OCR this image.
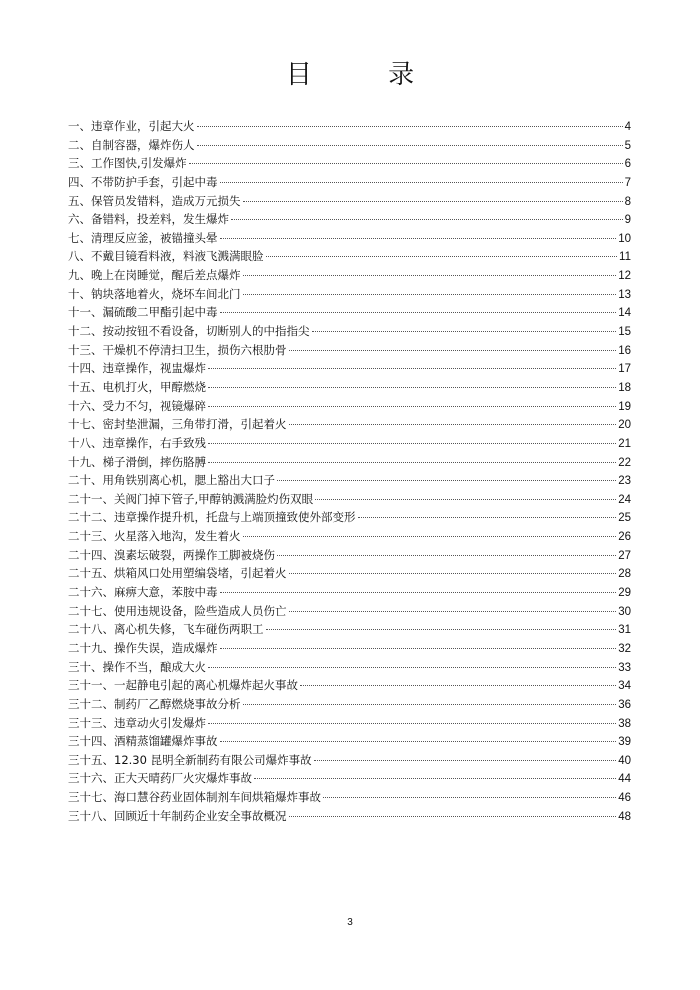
目 录
一、违章作业，引起大火	4
二、自制容器，爆炸伤人	5
三、工作图快,引发爆炸	6
四、不带防护手套，引起中毒	7
五、保管员发错料，造成万元损失	8
六、备错料，投差料，发生爆炸	9
七、清理反应釜，被锚撞头晕	10
八、不戴目镜看料液，料液飞溅满眼脸	11
九、晚上在岗睡觉，醒后差点爆炸	12
十、钠块落地着火，烧坏车间北门	13
十一、漏硫酸二甲酯引起中毒	14
十二、按动按钮不看设备，切断别人的中指指尖	15
十三、干燥机不停清扫卫生，损伤六根肋骨	16
十四、违章操作，视盅爆炸	17
十五、电机打火，甲醇燃烧	18
十六、受力不匀，视镜爆碎	19
十七、密封垫泄漏，三角带打滑，引起着火	20
十八、违章操作，右手致残	21
十九、梯子滑倒，摔伤胳膊	22
二十、用角铁别离心机，腮上豁出大口子	23
二十一、关阀门掉下管子,甲醇钠溅满脸灼伤双眼	24
二十二、违章操作提升机，托盘与上端顶撞致使外部变形	25
二十三、火星落入地沟，发生着火	26
二十四、溴素坛破裂，两操作工脚被烧伤	27
二十五、烘箱风口处用塑编袋堵，引起着火	28
二十六、麻痹大意，苯胺中毒	29
二十七、使用违规设备，险些造成人员伤亡	30
二十八、离心机失修，飞车碰伤两职工	31
二十九、操作失误，造成爆炸	32
三十、操作不当，酿成大火	33
三十一、一起静电引起的离心机爆炸起火事故	34
三十二、制药厂乙醇燃烧事故分析	36
三十三、违章动火引发爆炸	38
三十四、酒精蒸馏罐爆炸事故	39
三十五、12.30 昆明全新制药有限公司爆炸事故	40
三十六、正大天晴药厂火灾爆炸事故	44
三十七、海口慧谷药业固体制剂车间烘箱爆炸事故	46
三十八、回顾近十年制药企业安全事故概况	48
3
